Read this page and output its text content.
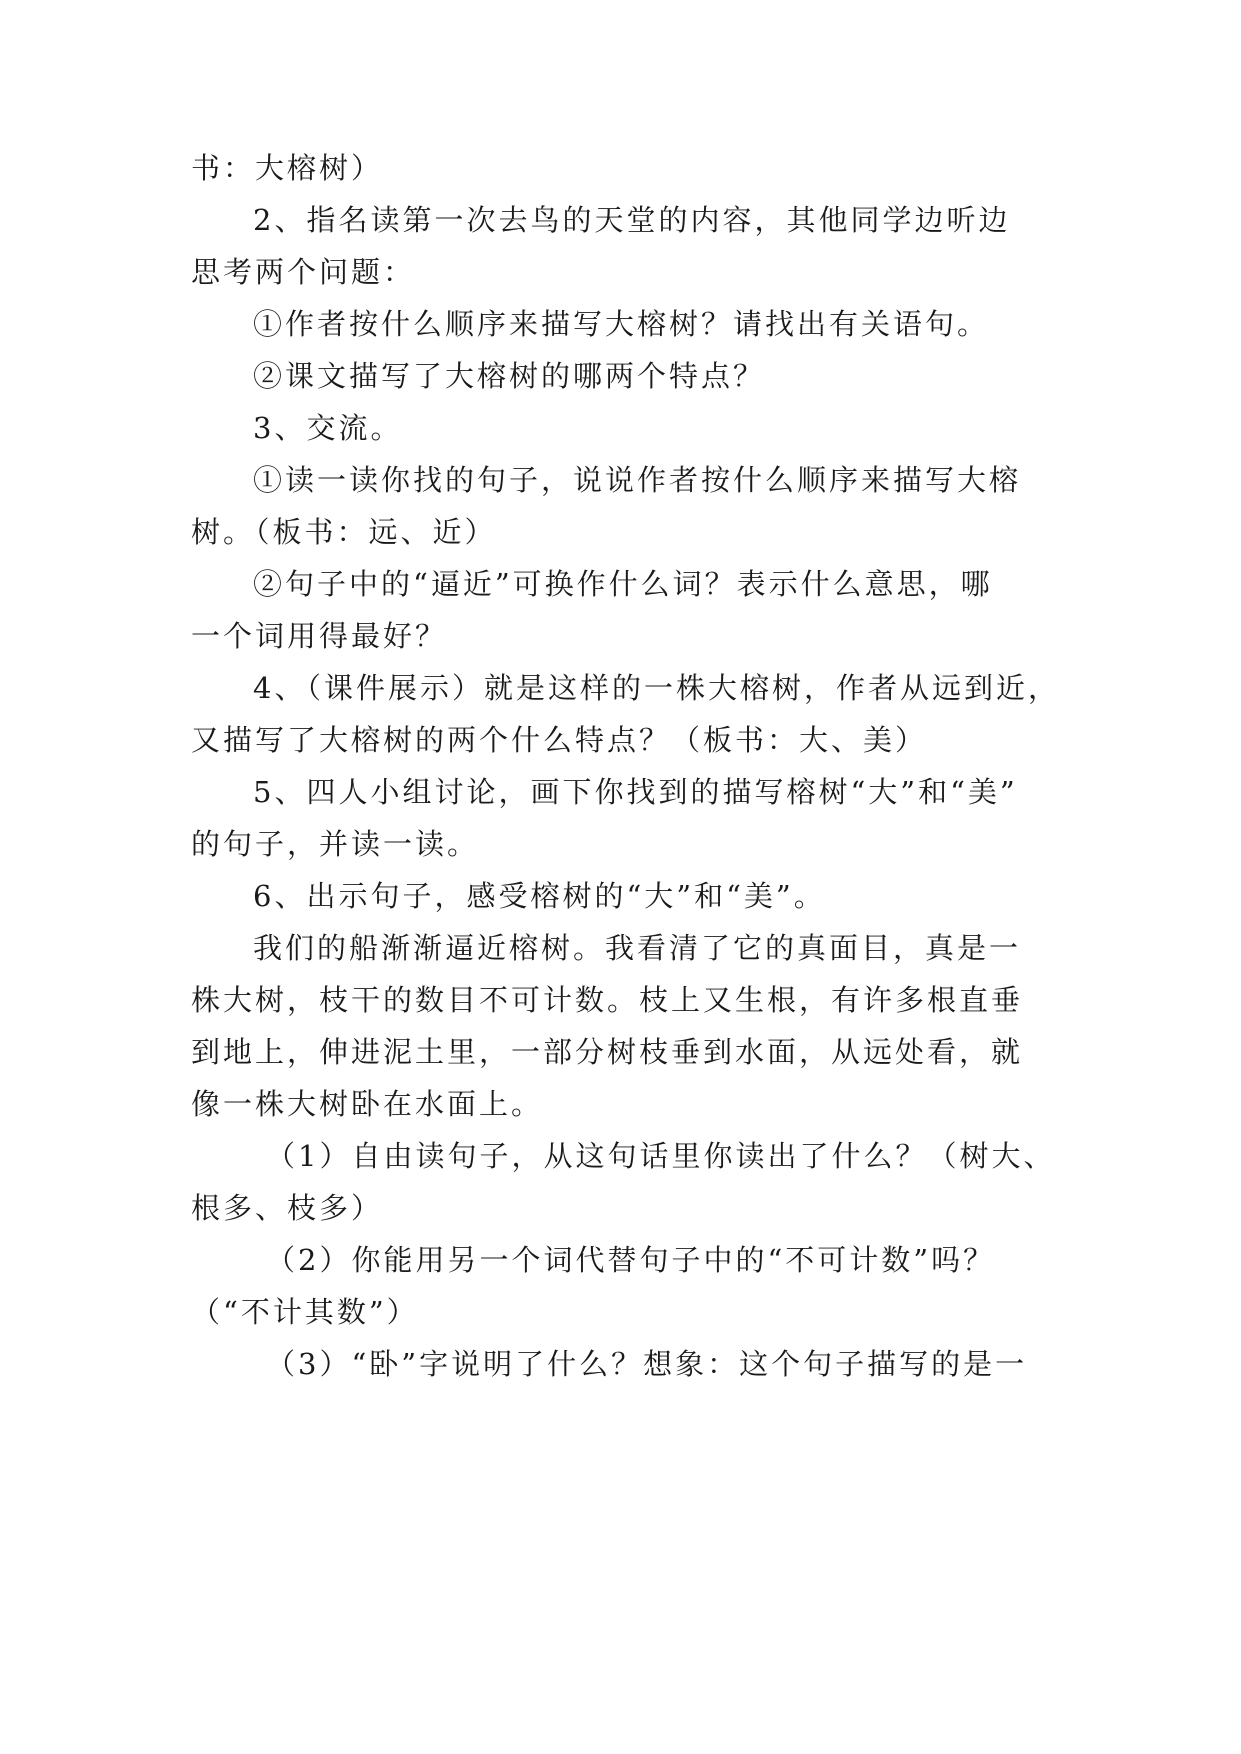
书：大榕树）
2、指名读第一次去鸟的天堂的内容，其他同学边听边
思考两个问题：
①作者按什么顺序来描写大榕树？请找出有关语句。
②课文描写了大榕树的哪两个特点？
3、交流。
①读一读你找的句子，说说作者按什么顺序来描写大榕
树。（板书：远、近）
②句子中的“逼近”可换作什么词？表示什么意思，哪
一个词用得最好？
4、（课件展示）就是这样的一株大榕树，作者从远到近，
又描写了大榕树的两个什么特点？（板书：大、美）
5、四人小组讨论，画下你找到的描写榕树“大”和“美”
的句子，并读一读。
6、出示句子，感受榕树的“大”和“美”。
我们的船渐渐逼近榕树。我看清了它的真面目，真是一
株大树，枝干的数目不可计数。枝上又生根，有许多根直垂
到地上，伸进泥土里，一部分树枝垂到水面，从远处看，就
像一株大树卧在水面上。
（1）自由读句子，从这句话里你读出了什么？（树大、
根多、枝多）
（2）你能用另一个词代替句子中的“不可计数”吗？
（“不计其数”）
（3）“卧”字说明了什么？想象：这个句子描写的是一
